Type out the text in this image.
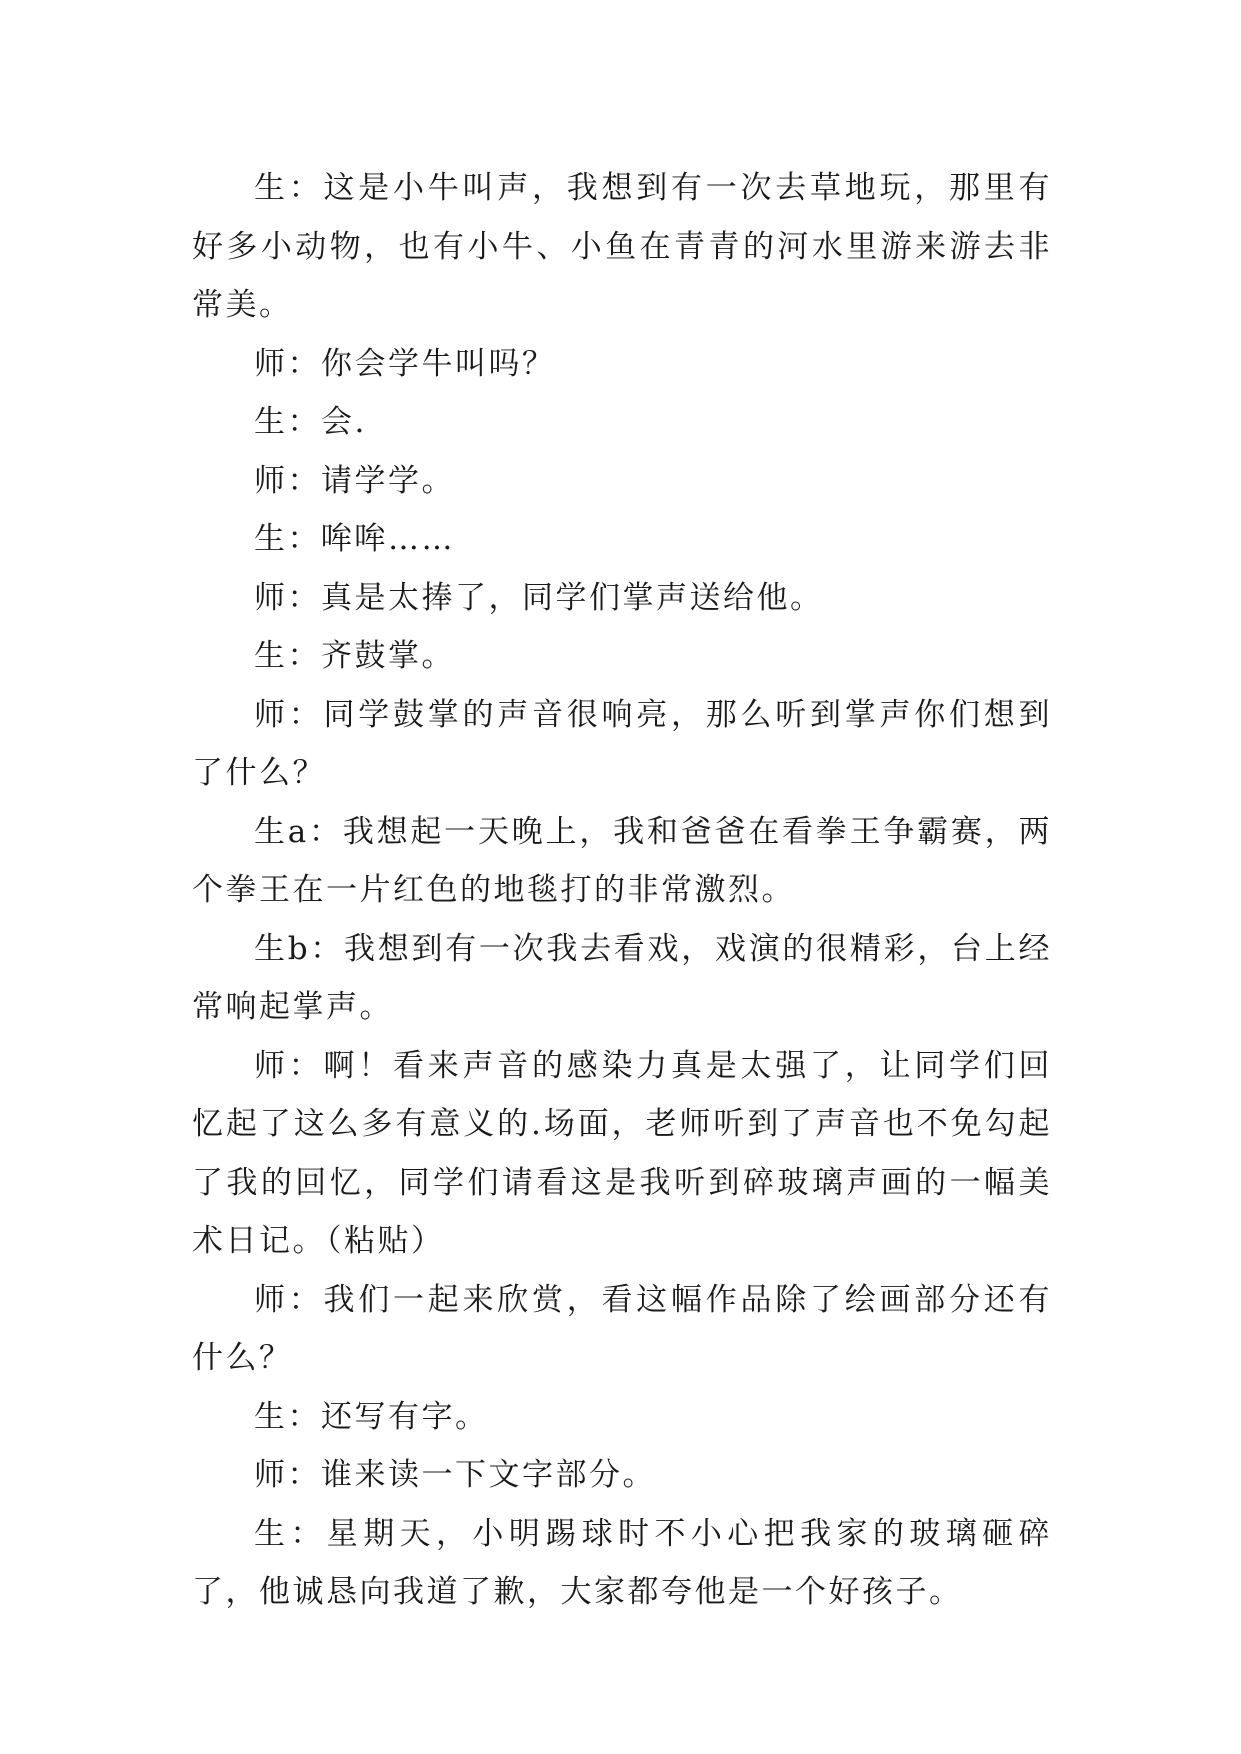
生：这是小牛叫声，我想到有一次去草地玩，那里有好多小动物，也有小牛、小鱼在青青的河水里游来游去非常美。

师：你会学牛叫吗？

生：会.

师：请学学。

生：哞哞……

师：真是太捧了，同学们掌声送给他。

生：齐鼓掌。

师：同学鼓掌的声音很响亮，那么听到掌声你们想到了什么？

生a：我想起一天晚上，我和爸爸在看拳王争霸赛，两个拳王在一片红色的地毯打的非常激烈。

生b：我想到有一次我去看戏，戏演的很精彩，台上经常响起掌声。

师：啊！看来声音的感染力真是太强了，让同学们回忆起了这么多有意义的.场面，老师听到了声音也不免勾起了我的回忆，同学们请看这是我听到碎玻璃声画的一幅美术日记。（粘贴）

师：我们一起来欣赏，看这幅作品除了绘画部分还有什么？

生：还写有字。

师：谁来读一下文字部分。

生：星期天，小明踢球时不小心把我家的玻璃砸碎了，他诚恳向我道了歉，大家都夸他是一个好孩子。
